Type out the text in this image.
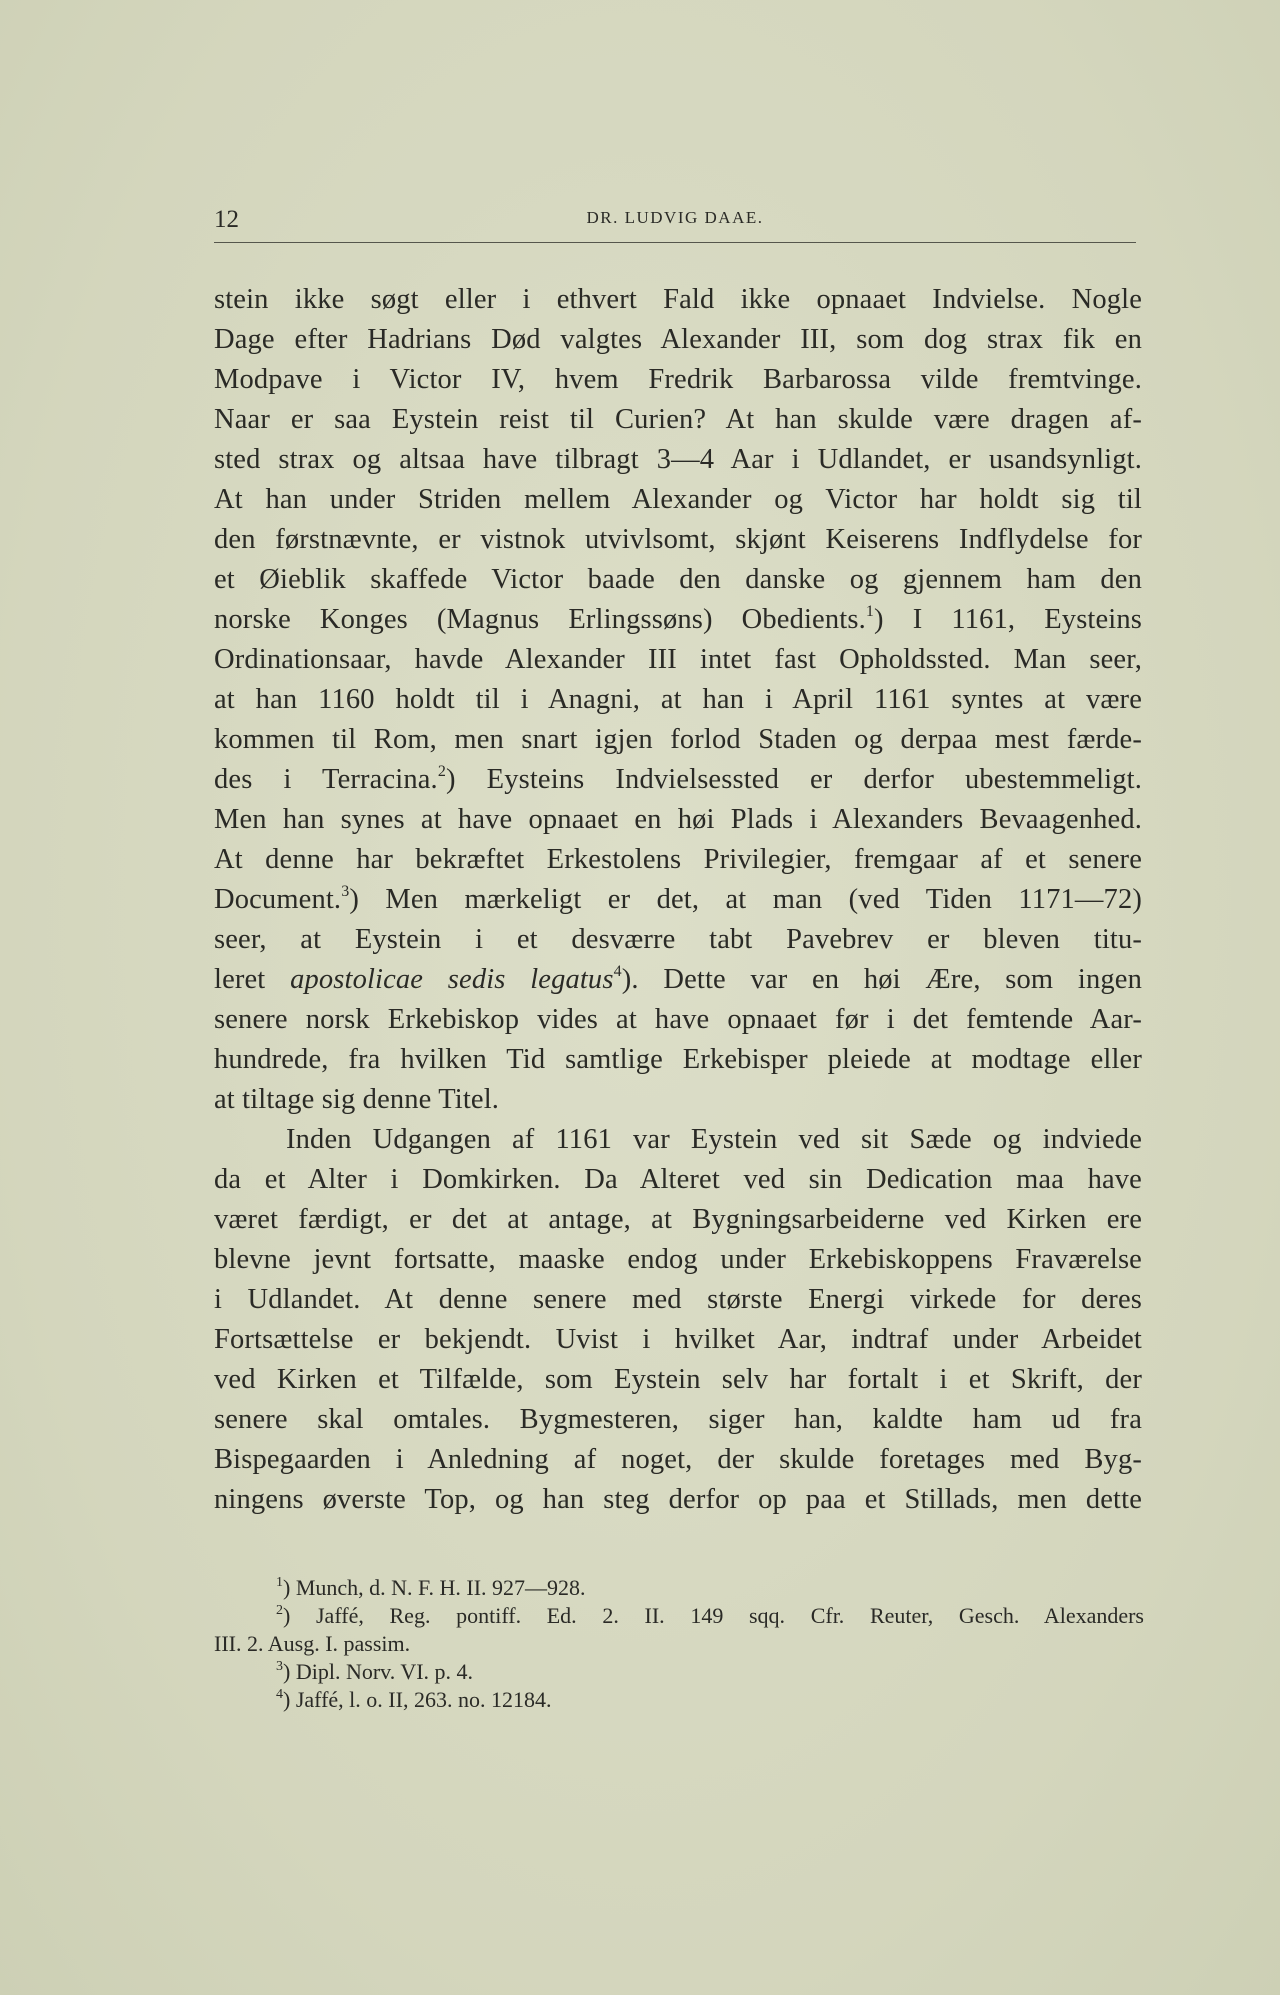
12	DR. LUDVIG DAAE.
stein ikke søgt eller i ethvert Fald ikke opnaaet Indvielse. Nogle
Dage efter Hadrians Død valgtes Alexander III, som dog strax fik en
Modpave i Victor IV, hvem Fredrik Barbarossa vilde fremtvinge.
Naar er saa Eystein reist til Curien? At han skulde være dragen af-
sted strax og altsaa have tilbragt 3—4 Aar i Udlandet, er usandsynligt.
At han under Striden mellem Alexander og Victor har holdt sig til
den førstnævnte, er vistnok utvivlsomt, skjønt Keiserens Indflydelse for
et Øieblik skaffede Victor baade den danske og gjennem ham den
norske Konges (Magnus Erlingssøns) Obedients.$^1$) I 1161, Eysteins
Ordinationsaar, havde Alexander III intet fast Opholdssted. Man seer,
at han 1160 holdt til i Anagni, at han i April 1161 syntes at være
kommen til Rom, men snart igjen forlod Staden og derpaa mest færde-
des i Terracina.$^2$) Eysteins Indvielsessted er derfor ubestemmeligt.
Men han synes at have opnaaet en høi Plads i Alexanders Bevaagenhed.
At denne har bekræftet Erkestolens Privilegier, fremgaar af et senere
Document.$^3$) Men mærkeligt er det, at man (ved Tiden 1171—72)
seer, at Eystein i et desværre tabt Pavebrev er bleven titu-
leret apostolicae sedis legatus$^4$). Dette var en høi Ære, som ingen
senere norsk Erkebiskop vides at have opnaaet før i det femtende Aar-
hundrede, fra hvilken Tid samtlige Erkebisper pleiede at modtage eller
at tiltage sig denne Titel.
Inden Udgangen af 1161 var Eystein ved sit Sæde og indviede
da et Alter i Domkirken. Da Alteret ved sin Dedication maa have
været færdigt, er det at antage, at Bygningsarbeiderne ved Kirken ere
blevne jevnt fortsatte, maaske endog under Erkebiskoppens Fraværelse
i Udlandet. At denne senere med største Energi virkede for deres
Fortsættelse er bekjendt. Uvist i hvilket Aar, indtraf under Arbeidet
ved Kirken et Tilfælde, som Eystein selv har fortalt i et Skrift, der
senere skal omtales. Bygmesteren, siger han, kaldte ham ud fra
Bispegaarden i Anledning af noget, der skulde foretages med Byg-
ningens øverste Top, og han steg derfor op paa et Stillads, men dette
$^1$) Munch, d. N. F. H. II. 927—928.
$^2$) Jaffé, Reg. pontiff. Ed. 2. II. 149 sqq. Cfr. Reuter, Gesch. Alexanders
III. 2. Ausg. I. passim.
$^3$) Dipl. Norv. VI. p. 4.
$^4$) Jaffé, l. o. II, 263. no. 12184.
